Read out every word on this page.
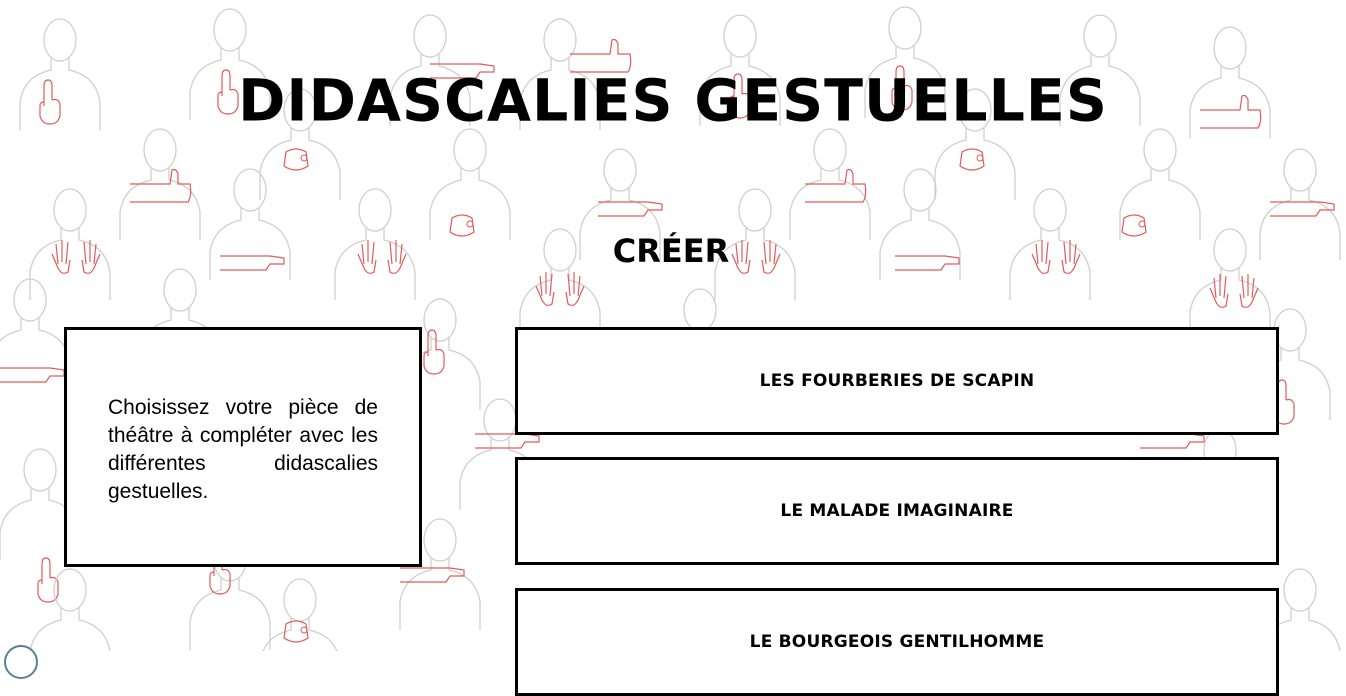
DIDASCALIES GESTUELLES
CRÉER
Choisissez votre pièce de théâtre à compléter avec les différentes didascalies gestuelles.
LES FOURBERIES DE SCAPIN
LE MALADE IMAGINAIRE
LE BOURGEOIS GENTILHOMME
